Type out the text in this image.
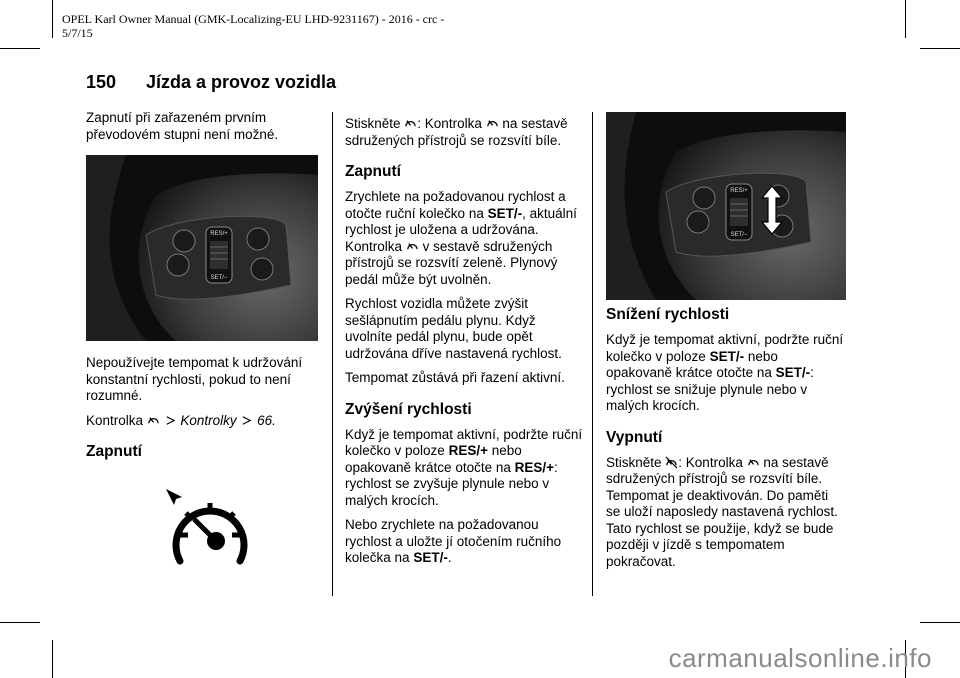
OPEL Karl Owner Manual (GMK-Localizing-EU LHD-9231167) - 2016 - crc -
5/7/15
150 Jízda a provoz vozidla

Zapnutí při zařazeném prvním převodovém stupni není možné.

RES/+
SET/−

Nepoužívejte tempomat k udržování konstantní rychlosti, pokud to není rozumné.

Kontrolka	Kontrolky 66.

Zapnutí

Stiskněte : Kontrolka na sestavě sdružených přístrojů se rozsvítí bíle.

Zapnutí

Zrychlete na požadovanou rychlost a otočte ruční kolečko na SET/-, aktuální rychlost je uložena a udržována. Kontrolka v sestavě sdružených přístrojů se rozsvítí zeleně. Plynový pedál může být uvolněn.

Rychlost vozidla můžete zvýšit sešlápnutím pedálu plynu. Když uvolníte pedál plynu, bude opět udržována dříve nastavená rychlost.

Tempomat zůstává při řazení aktivní.

Zvýšení rychlosti

Když je tempomat aktivní, podržte ruční kolečko v poloze RES/+ nebo opakovaně krátce otočte na RES/+: rychlost se zvyšuje plynule nebo v malých krocích.

Nebo zrychlete na požadovanou rychlost a uložte jí otočením ručního kolečka na SET/-.

RES/+
SET/−
Snížení rychlosti

Když je tempomat aktivní, podržte ruční kolečko v poloze SET/- nebo opakovaně krátce otočte na SET/-: rychlost se snižuje plynule nebo v malých krocích.

Vypnutí

Stiskněte : Kontrolka na sestavě sdružených přístrojů se rozsvítí bíle. Tempomat je deaktivován. Do paměti se uloží naposledy nastavená rychlost. Tato rychlost se použije, když se bude později v jízdě s tempomatem pokračovat.

carmanualsonline.info
